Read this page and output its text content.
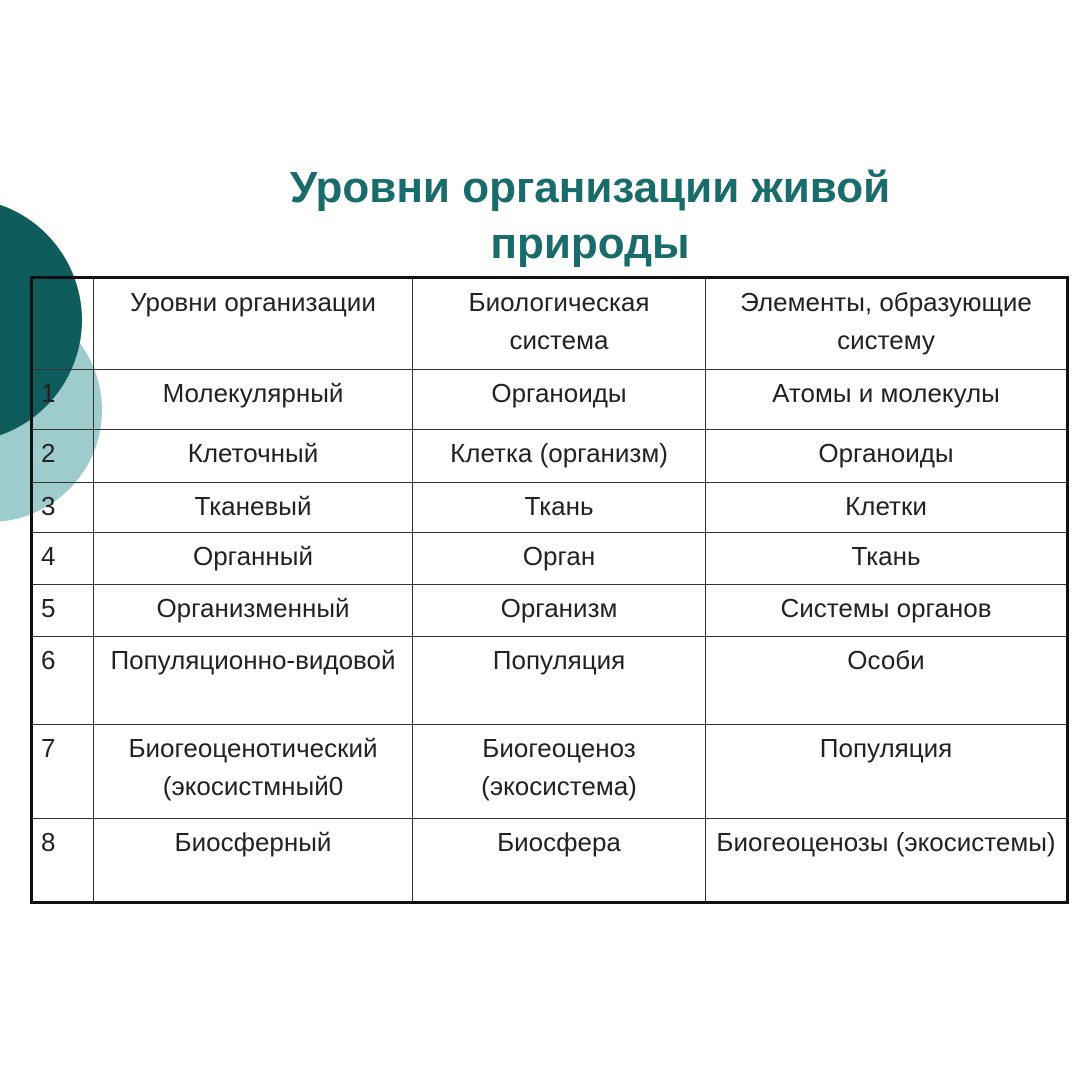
Уровни организации живой
природы
	Уровни организации	Биологическая система	Элементы, образующие систему
1	Молекулярный	Органоиды	Атомы и молекулы
2	Клеточный	Клетка (организм)	Органоиды
3	Тканевый	Ткань	Клетки
4	Органный	Орган	Ткань
5	Организменный	Организм	Системы органов
6	Популяционно-видовой	Популяция	Особи
7	Биогеоценотический (экосистмный0	Биогеоценоз (экосистема)	Популяция
8	Биосферный	Биосфера	Биогеоценозы (экосистемы)
